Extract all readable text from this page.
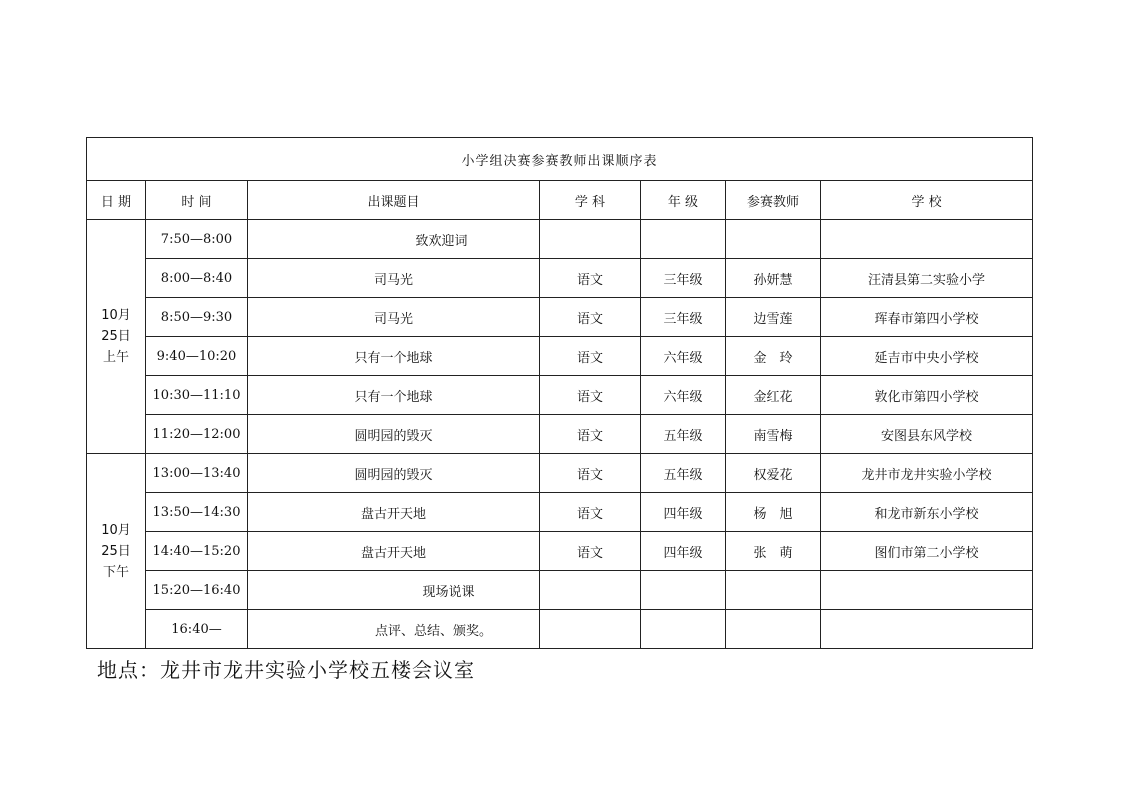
小学组决赛参赛教师出课顺序表						
日 期	时 间	出课题目	学 科	年 级	参赛教师	学 校

10月
25日
上午	7:50—8:00	致欢迎词				
	8:00—8:40	司马光	语文	三年级	孙妍慧	汪清县第二实验小学
	8:50—9:30	司马光	语文	三年级	边雪莲	珲春市第四小学校
	9:40—10:20	只有一个地球	语文	六年级	金　玲	延吉市中央小学校
	10:30—11:10	只有一个地球	语文	六年级	金红花	敦化市第四小学校
	11:20—12:00	圆明园的毁灭	语文	五年级	南雪梅	安图县东风学校

10月
25日
下午	13:00—13:40	圆明园的毁灭	语文	五年级	权爱花	龙井市龙井实验小学校
	13:50—14:30	盘古开天地	语文	四年级	杨　旭	和龙市新东小学校
	14:40—15:20	盘古开天地	语文	四年级	张　萌	图们市第二小学校
	15:20—16:40	现场说课				
	16:40—	点评、总结、颁奖。				
地点：龙井市龙井实验小学校五楼会议室
